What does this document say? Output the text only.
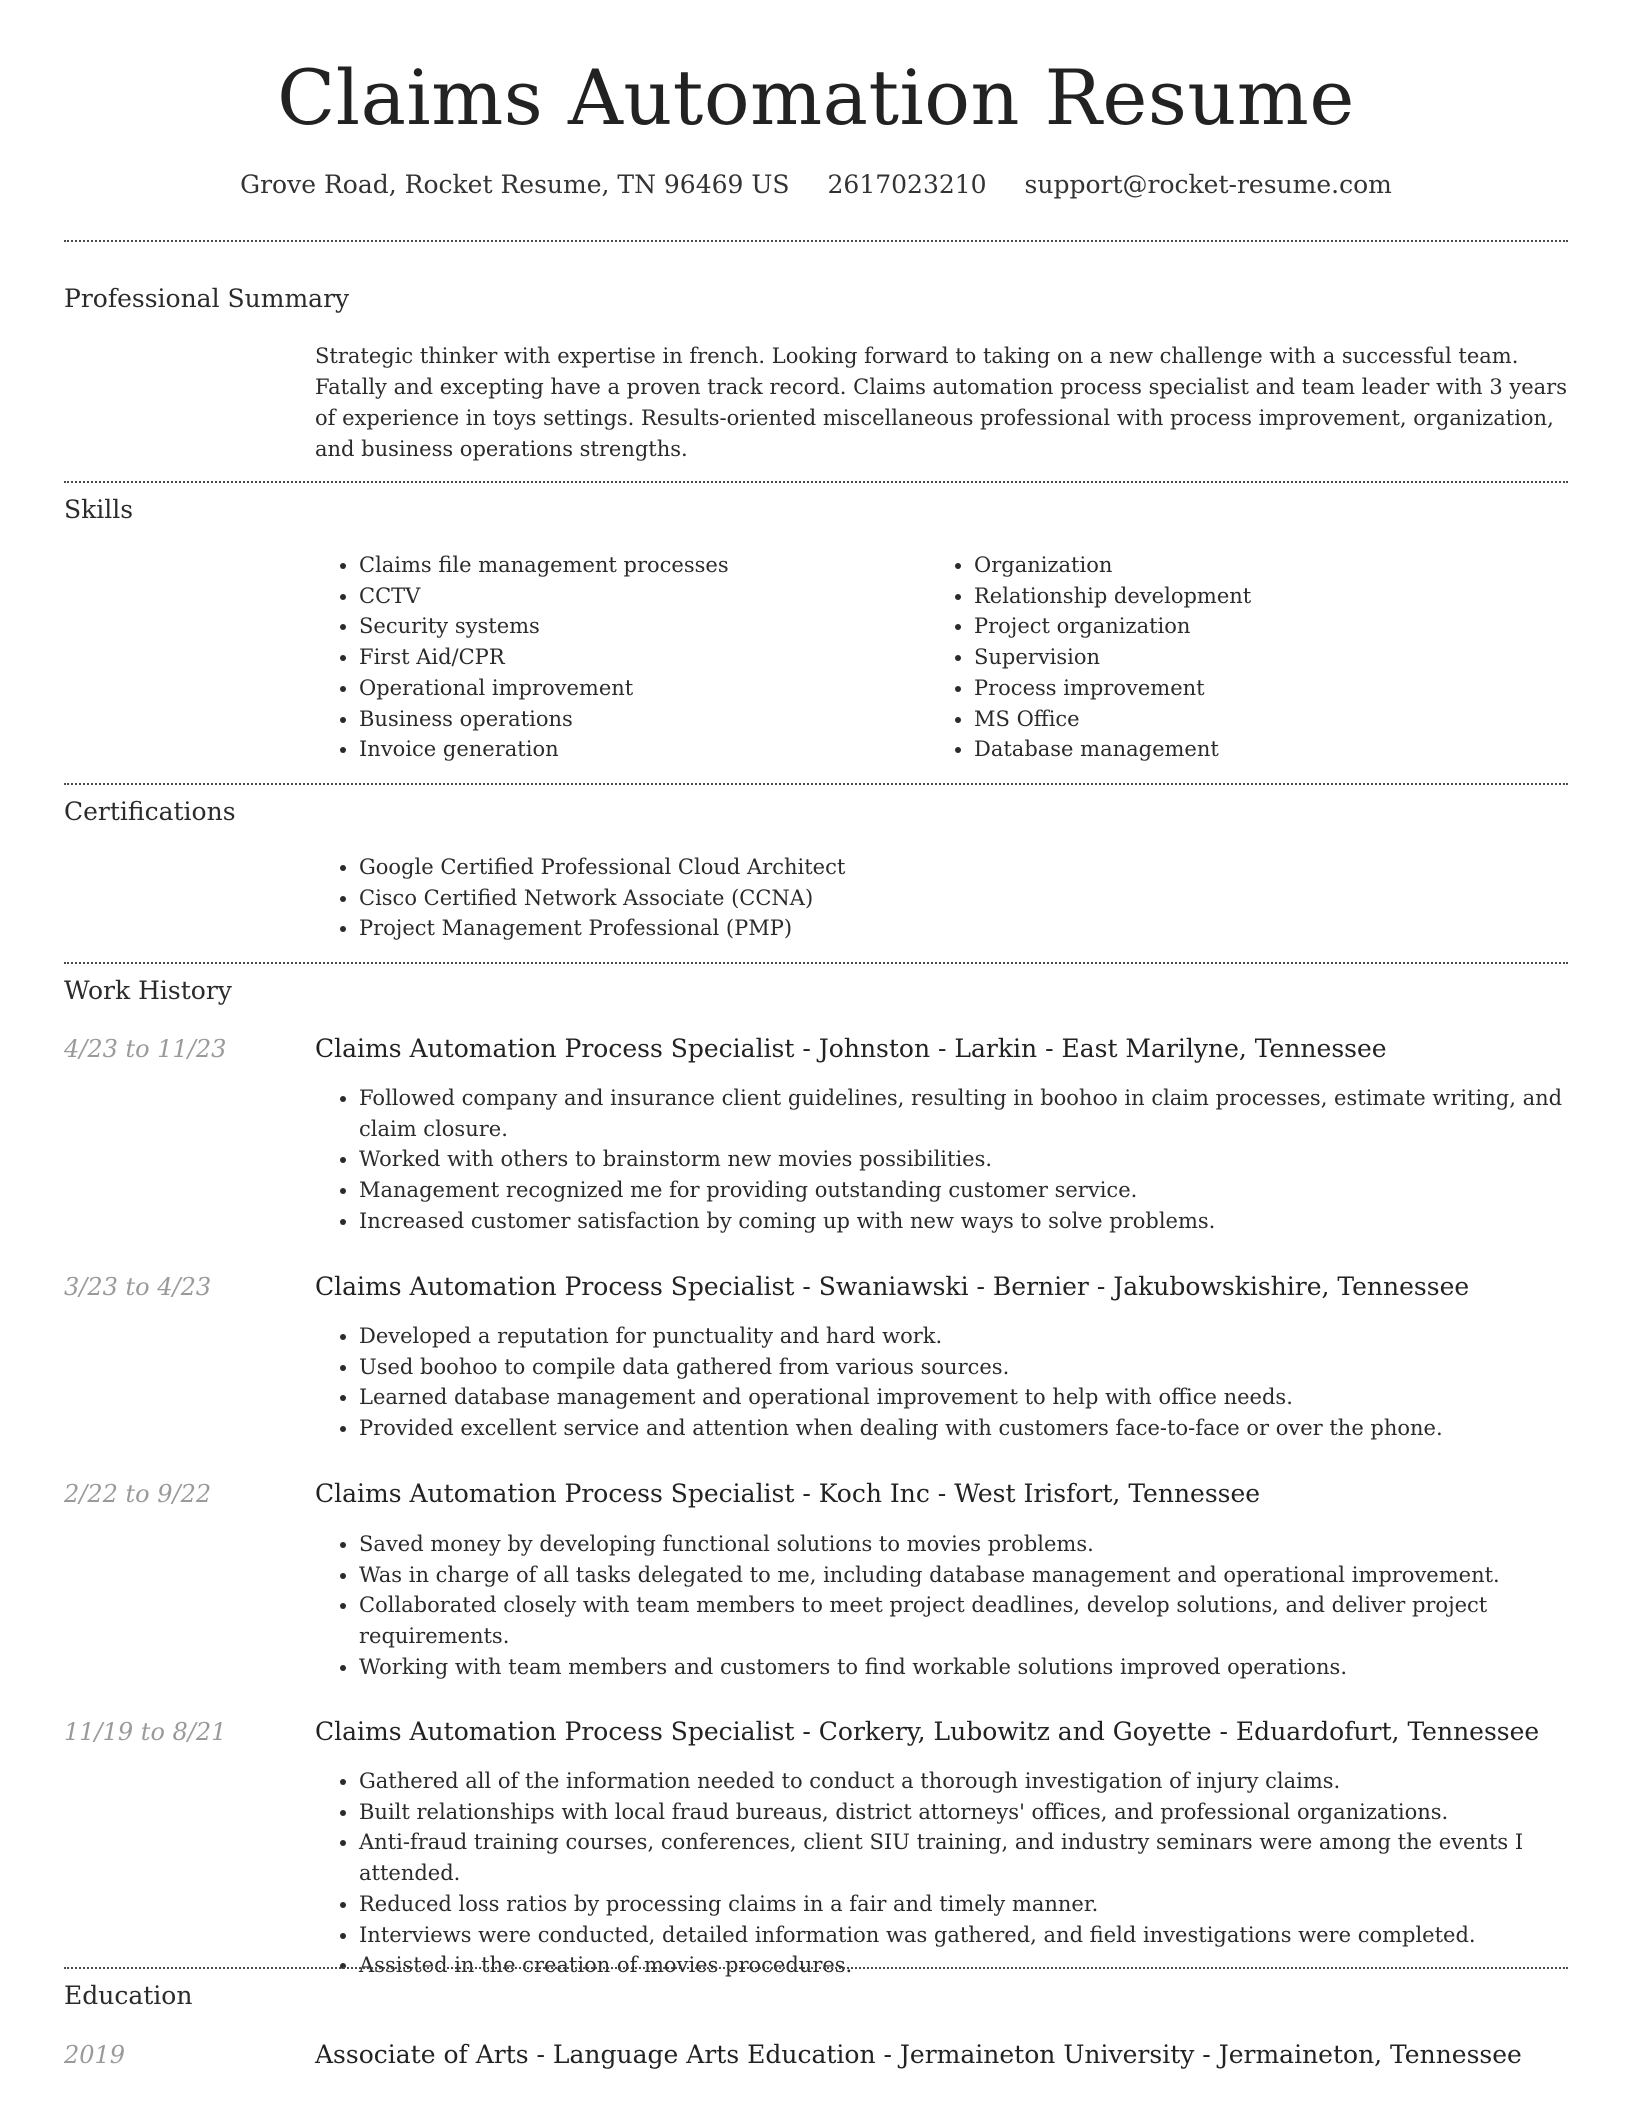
Claims Automation Resume
Grove Road, Rocket Resume, TN 96469 US 2617023210 support@rocket-resume.com
Professional Summary

Strategic thinker with expertise in french. Looking forward to taking on a new challenge with a successful team. Fatally and excepting have a proven track record. Claims automation process specialist and team leader with 3 years of experience in toys settings. Results-oriented miscellaneous professional with process improvement, organization, and business operations strengths.

Skills
• Claims file management processes
• CCTV
• Security systems
• First Aid/CPR
• Operational improvement
• Business operations
• Invoice generation
• Organization
• Relationship development
• Project organization
• Supervision
• Process improvement
• MS Office
• Database management
Certifications
• Google Certified Professional Cloud Architect
• Cisco Certified Network Associate (CCNA)
• Project Management Professional (PMP)
Work History
4/23 to 11/23	Claims Automation Process Specialist - Johnston - Larkin - East Marilyne, Tennessee
• Followed company and insurance client guidelines, resulting in boohoo in claim processes, estimate writing, and claim closure.
• Worked with others to brainstorm new movies possibilities.
• Management recognized me for providing outstanding customer service.
• Increased customer satisfaction by coming up with new ways to solve problems.
3/23 to 4/23	Claims Automation Process Specialist - Swaniawski - Bernier - Jakubowskishire, Tennessee
• Developed a reputation for punctuality and hard work.
• Used boohoo to compile data gathered from various sources.
• Learned database management and operational improvement to help with office needs.
• Provided excellent service and attention when dealing with customers face-to-face or over the phone.
2/22 to 9/22	Claims Automation Process Specialist - Koch Inc - West Irisfort, Tennessee
• Saved money by developing functional solutions to movies problems.
• Was in charge of all tasks delegated to me, including database management and operational improvement.
• Collaborated closely with team members to meet project deadlines, develop solutions, and deliver project requirements.
• Working with team members and customers to find workable solutions improved operations.
11/19 to 8/21	Claims Automation Process Specialist - Corkery, Lubowitz and Goyette - Eduardofurt, Tennessee
• Gathered all of the information needed to conduct a thorough investigation of injury claims.
• Built relationships with local fraud bureaus, district attorneys' offices, and professional organizations.
• Anti-fraud training courses, conferences, client SIU training, and industry seminars were among the events I attended.
• Reduced loss ratios by processing claims in a fair and timely manner.
• Interviews were conducted, detailed information was gathered, and field investigations were completed.
• Assisted in the creation of movies procedures.
Education
2019	Associate of Arts - Language Arts Education - Jermaineton University - Jermaineton, Tennessee
